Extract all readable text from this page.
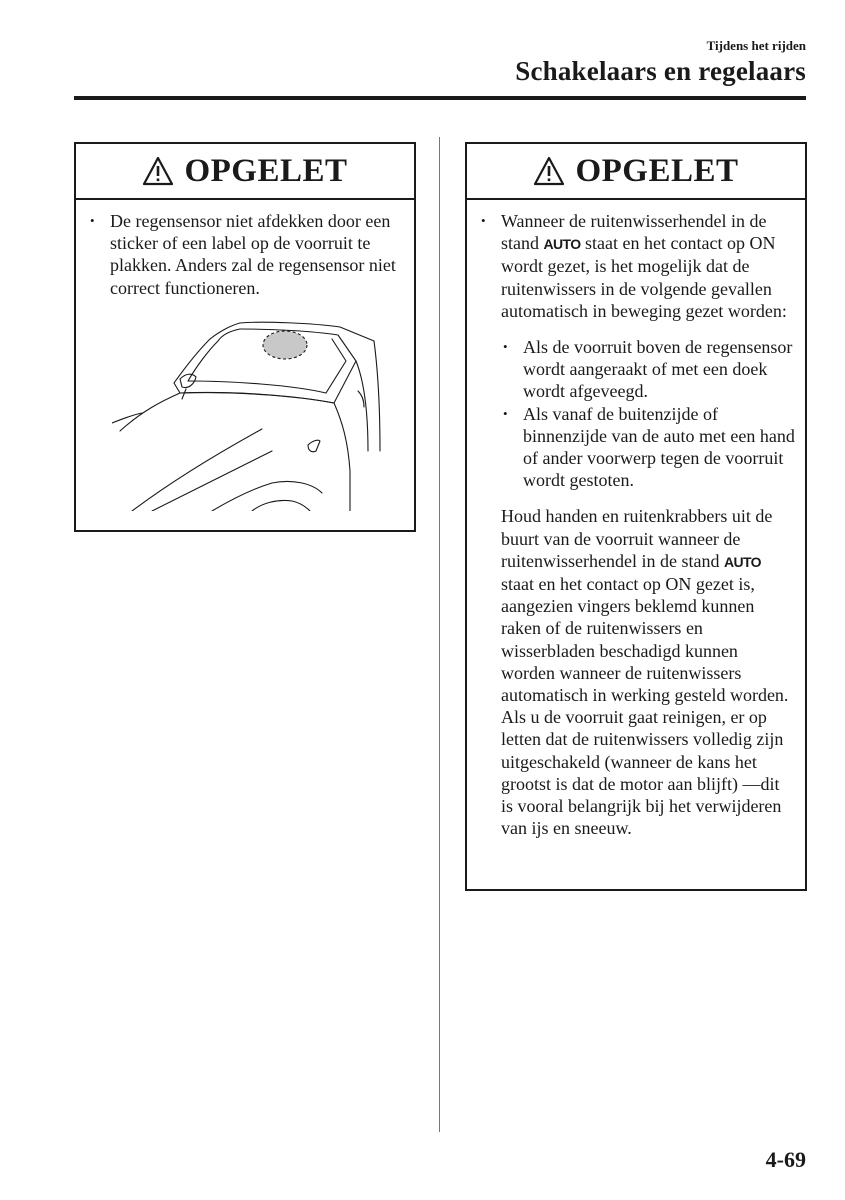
Tijdens het rijden
Schakelaars en regelaars
OPGELET
• De regensensor niet afdekken door een sticker of een label op de voorruit te plakken. Anders zal de regensensor niet correct functioneren.
OPGELET
• Wanneer de ruitenwisserhendel in de stand AUTO staat en het contact op ON wordt gezet, is het mogelijk dat de ruitenwissers in de volgende gevallen automatisch in beweging gezet worden:
• Als de voorruit boven de regensensor wordt aangeraakt of met een doek wordt afgeveegd.
• Als vanaf de buitenzijde of binnenzijde van de auto met een hand of ander voorwerp tegen de voorruit wordt gestoten.
Houd handen en ruitenkrabbers uit de buurt van de voorruit wanneer de ruitenwisserhendel in de stand AUTO staat en het contact op ON gezet is, aangezien vingers beklemd kunnen raken of de ruitenwissers en wisserbladen beschadigd kunnen worden wanneer de ruitenwissers automatisch in werking gesteld worden.
Als u de voorruit gaat reinigen, er op letten dat de ruitenwissers volledig zijn uitgeschakeld (wanneer de kans het grootst is dat de motor aan blijft) —dit is vooral belangrijk bij het verwijderen van ijs en sneeuw.
4-69
